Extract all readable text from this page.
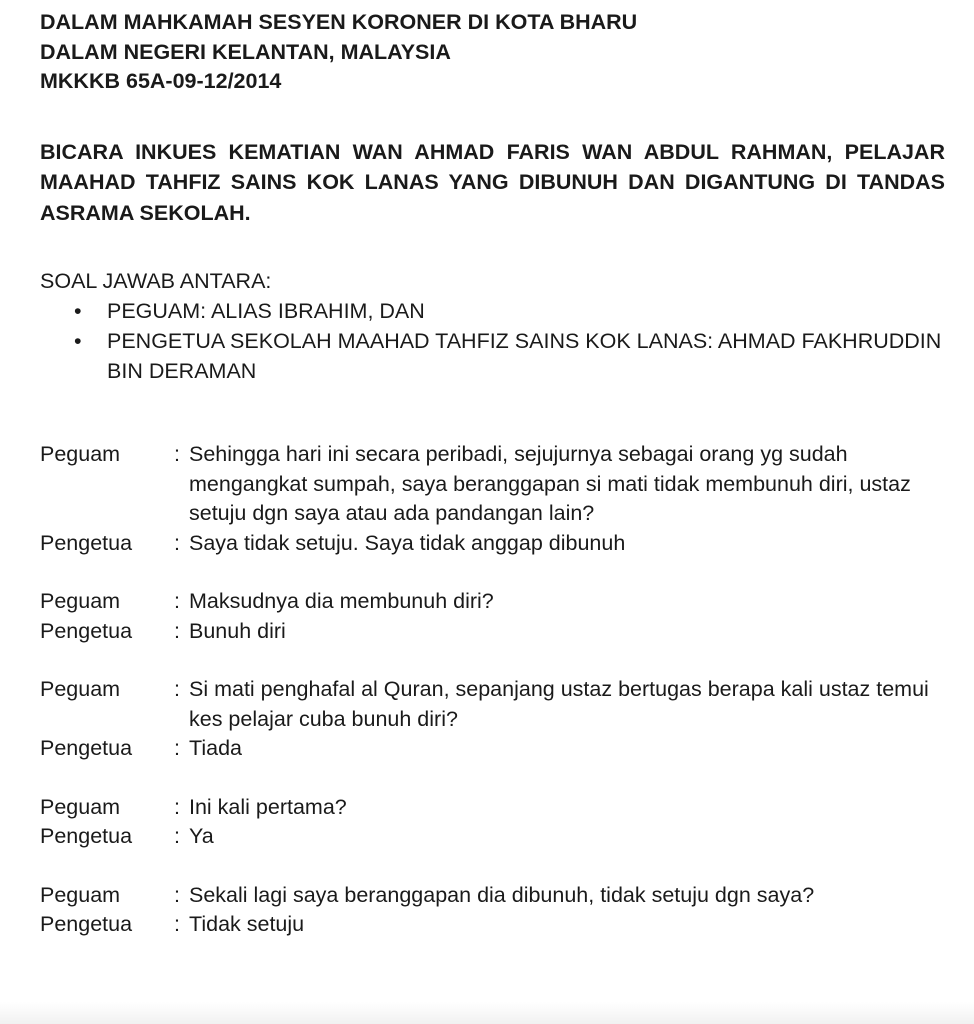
DALAM MAHKAMAH SESYEN KORONER DI KOTA BHARU
DALAM NEGERI KELANTAN, MALAYSIA
MKKKB 65A-09-12/2014

BICARA INKUES KEMATIAN WAN AHMAD FARIS WAN ABDUL RAHMAN, PELAJAR MAAHAD TAHFIZ SAINS KOK LANAS YANG DIBUNUH DAN DIGANTUNG DI TANDAS ASRAMA SEKOLAH.

SOAL JAWAB ANTARA:
• PEGUAM: ALIAS IBRAHIM, DAN
• PENGETUA SEKOLAH MAAHAD TAHFIZ SAINS KOK LANAS: AHMAD FAKHRUDDIN BIN DERAMAN
Peguam	: Sehingga hari ini secara peribadi, sejujurnya sebagai orang yg sudah mengangkat sumpah, saya beranggapan si mati tidak membunuh diri, ustaz setuju dgn saya atau ada pandangan lain?
Pengetua	: Saya tidak setuju. Saya tidak anggap dibunuh
Peguam	: Maksudnya dia membunuh diri?
Pengetua	: Bunuh diri
Peguam	: Si mati penghafal al Quran, sepanjang ustaz bertugas berapa kali ustaz temui kes pelajar cuba bunuh diri?
Pengetua	: Tiada
Peguam	: Ini kali pertama?
Pengetua	: Ya
Peguam	: Sekali lagi saya beranggapan dia dibunuh, tidak setuju dgn saya?
Pengetua	: Tidak setuju
